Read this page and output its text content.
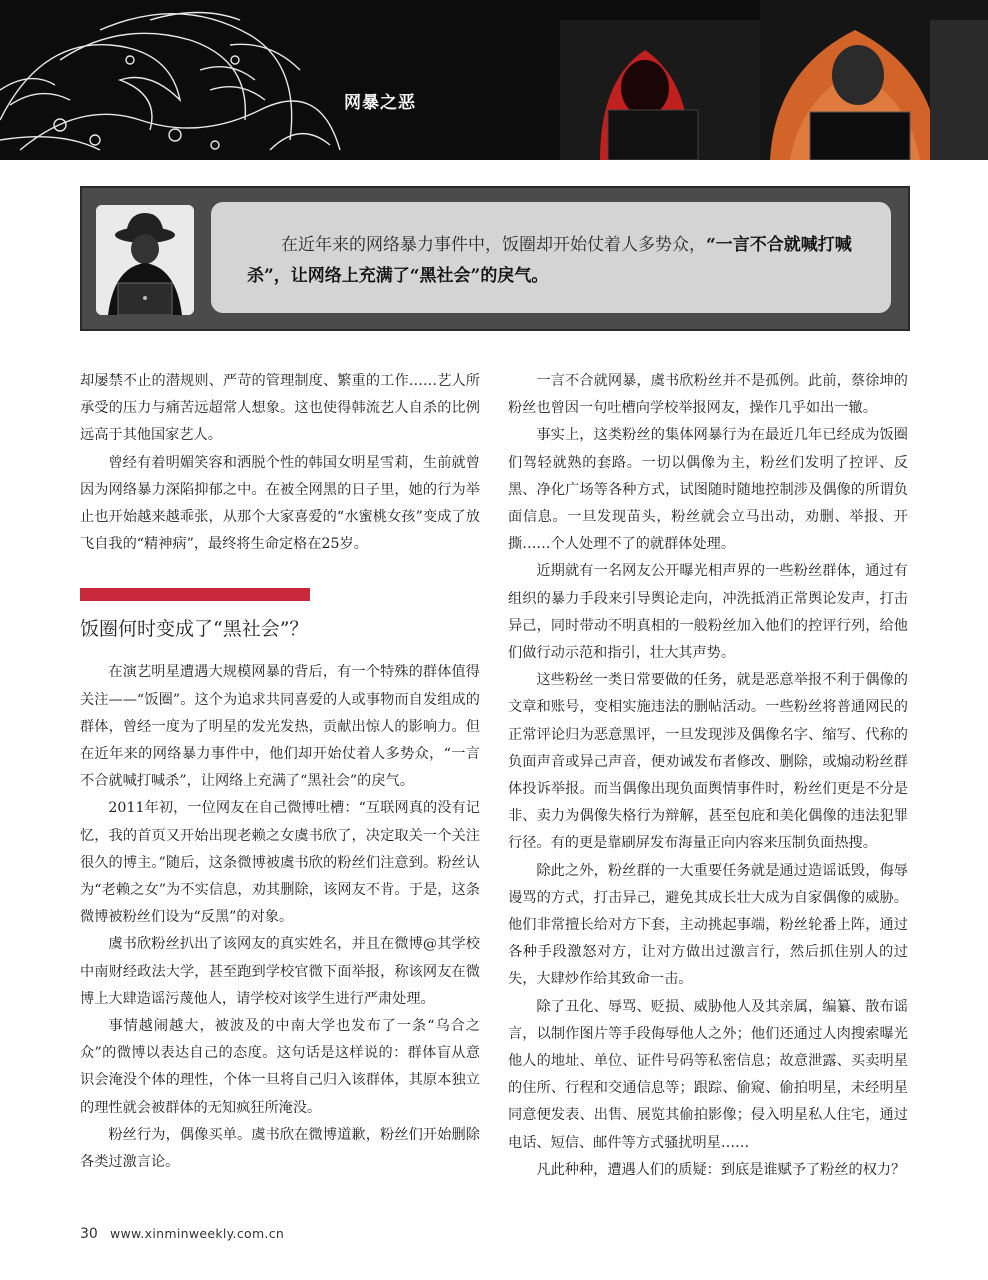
网暴之恶

在近年来的网络暴力事件中，饭圈却开始仗着人多势众，“一言不合就喊打喊杀”，让网络上充满了“黑社会”的戾气。

却屡禁不止的潜规则、严苛的管理制度、繁重的工作……艺人所承受的压力与痛苦远超常人想象。这也使得韩流艺人自杀的比例远高于其他国家艺人。

曾经有着明媚笑容和洒脱个性的韩国女明星雪莉，生前就曾因为网络暴力深陷抑郁之中。在被全网黑的日子里，她的行为举止也开始越来越乖张，从那个大家喜爱的“水蜜桃女孩”变成了放飞自我的“精神病”，最终将生命定格在25岁。

饭圈何时变成了“黑社会”？

在演艺明星遭遇大规模网暴的背后，有一个特殊的群体值得关注——“饭圈”。这个为追求共同喜爱的人或事物而自发组成的群体，曾经一度为了明星的发光发热，贡献出惊人的影响力。但在近年来的网络暴力事件中，他们却开始仗着人多势众，“一言不合就喊打喊杀”，让网络上充满了“黑社会”的戾气。

2011年初，一位网友在自己微博吐槽：“互联网真的没有记忆，我的首页又开始出现老赖之女虞书欣了，决定取关一个关注很久的博主。”随后，这条微博被虞书欣的粉丝们注意到。粉丝认为“老赖之女”为不实信息，劝其删除，该网友不肯。于是，这条微博被粉丝们设为“反黑”的对象。

虞书欣粉丝扒出了该网友的真实姓名，并且在微博@其学校中南财经政法大学，甚至跑到学校官微下面举报，称该网友在微博上大肆造谣污蔑他人，请学校对该学生进行严肃处理。

事情越闹越大，被波及的中南大学也发布了一条“乌合之众”的微博以表达自己的态度。这句话是这样说的：群体盲从意识会淹没个体的理性，个体一旦将自己归入该群体，其原本独立的理性就会被群体的无知疯狂所淹没。

粉丝行为，偶像买单。虞书欣在微博道歉，粉丝们开始删除各类过激言论。

一言不合就网暴，虞书欣粉丝并不是孤例。此前，蔡徐坤的粉丝也曾因一句吐槽向学校举报网友，操作几乎如出一辙。

事实上，这类粉丝的集体网暴行为在最近几年已经成为饭圈们驾轻就熟的套路。一切以偶像为主，粉丝们发明了控评、反黑、净化广场等各种方式，试图随时随地控制涉及偶像的所谓负面信息。一旦发现苗头，粉丝就会立马出动，劝删、举报、开撕……个人处理不了的就群体处理。

近期就有一名网友公开曝光相声界的一些粉丝群体，通过有组织的暴力手段来引导舆论走向，冲洗抵消正常舆论发声，打击异己，同时带动不明真相的一般粉丝加入他们的控评行列，给他们做行动示范和指引，壮大其声势。

这些粉丝一类日常要做的任务，就是恶意举报不利于偶像的文章和账号，变相实施违法的删帖活动。一些粉丝将普通网民的正常评论归为恶意黑评，一旦发现涉及偶像名字、缩写、代称的负面声音或异己声音，便劝诫发布者修改、删除，或煽动粉丝群体投诉举报。而当偶像出现负面舆情事件时，粉丝们更是不分是非、卖力为偶像失格行为辩解，甚至包庇和美化偶像的违法犯罪行径。有的更是靠刷屏发布海量正向内容来压制负面热搜。

除此之外，粉丝群的一大重要任务就是通过造谣诋毁，侮辱谩骂的方式，打击异己，避免其成长壮大成为自家偶像的威胁。他们非常擅长给对方下套，主动挑起事端，粉丝轮番上阵，通过各种手段激怒对方，让对方做出过激言行，然后抓住别人的过失，大肆炒作给其致命一击。

除了丑化、辱骂、贬损、威胁他人及其亲属，编纂、散布谣言，以制作图片等手段侮辱他人之外；他们还通过人肉搜索曝光他人的地址、单位、证件号码等私密信息；故意泄露、买卖明星的住所、行程和交通信息等；跟踪、偷窥、偷拍明星，未经明星同意便发表、出售、展览其偷拍影像；侵入明星私人住宅，通过电话、短信、邮件等方式骚扰明星……

凡此种种，遭遇人们的质疑：到底是谁赋予了粉丝的权力？

30 www.xinminweekly.com.cn
